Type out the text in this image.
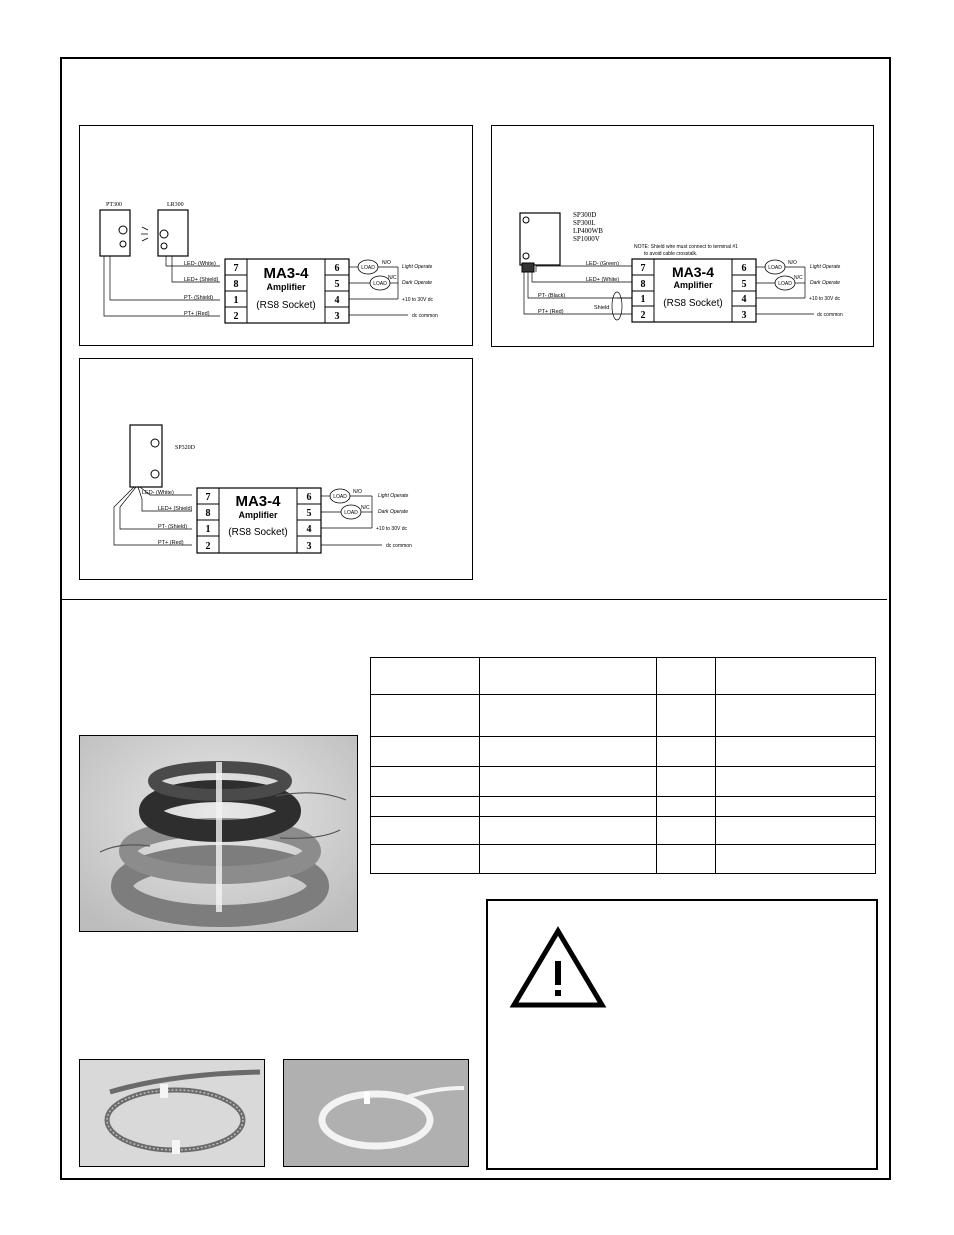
PT300	LR300
LED- (White)
LED+ (Shield)
PT- (Shield)
PT+ (Red)
7
8
1
2
6
5
4
3
MA3-4
Amplifier
(RS8 Socket)
LOAD
N/O
Light Operate
LOAD
N/C
Dark Operate
+10 to 30V dc
dc common
SP300D
SP300L
LP400WB
SP1000V
NOTE: Shield wire must connect to terminal #1
to avoid cable crosstalk.
LED- (Green)
LED+ (White)
PT- (Black)
PT+ (Red)
Shield
7
8
1
2
6
5
4
3
MA3-4
Amplifier
(RS8 Socket)
LOAD
N/O
Light Operate
LOAD
N/C
Dark Operate
+10 to 30V dc
dc common
SP320D
LED- (White)
LED+ (Shield)
PT- (Shield)
PT+ (Red)
7
8
1
2
6
5
4
3
MA3-4
Amplifier
(RS8 Socket)
LOAD
N/O
Light Operate
LOAD
N/C
Dark Operate
+10 to 30V dc
dc common
